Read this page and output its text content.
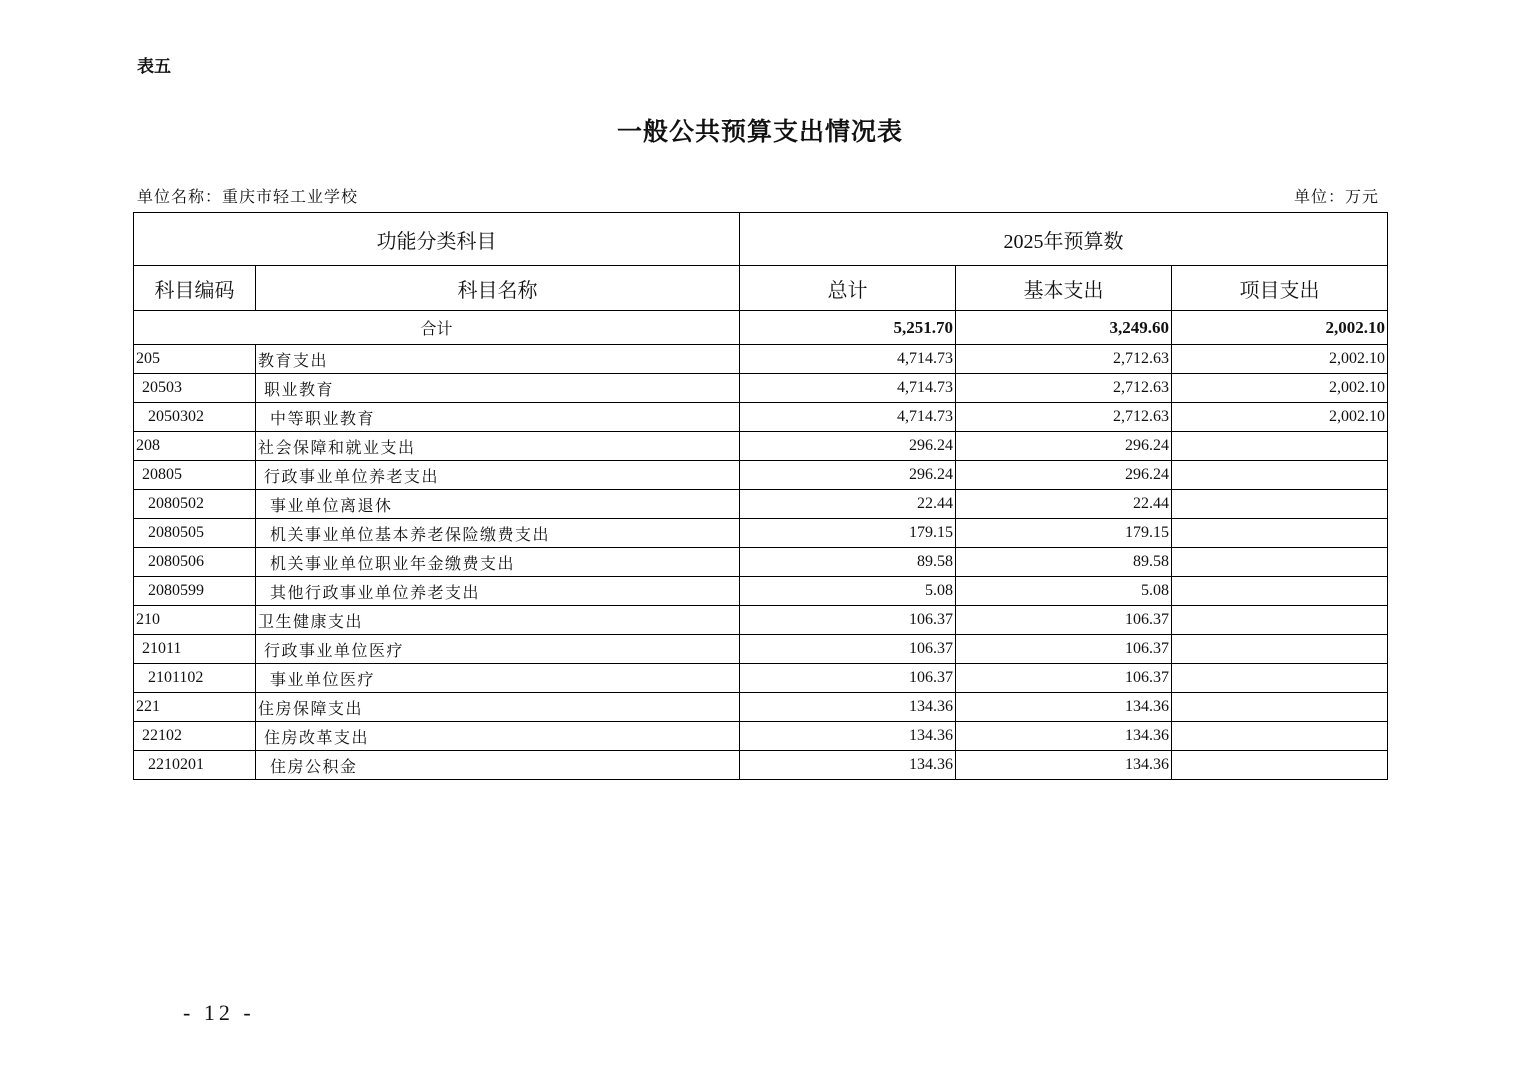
表五
一般公共预算支出情况表
单位名称：重庆市轻工业学校	单位：万元
功能分类科目		2025年预算数		
科目编码	科目名称	总计	基本支出	项目支出
合计		5,251.70	3,249.60	2,002.10
205	教育支出	4,714.73	2,712.63	2,002.10
20503	职业教育	4,714.73	2,712.63	2,002.10
2050302	中等职业教育	4,714.73	2,712.63	2,002.10
208	社会保障和就业支出	296.24	296.24	
20805	行政事业单位养老支出	296.24	296.24	
2080502	事业单位离退休	22.44	22.44	
2080505	机关事业单位基本养老保险缴费支出	179.15	179.15	
2080506	机关事业单位职业年金缴费支出	89.58	89.58	
2080599	其他行政事业单位养老支出	5.08	5.08	
210	卫生健康支出	106.37	106.37	
21011	行政事业单位医疗	106.37	106.37	
2101102	事业单位医疗	106.37	106.37	
221	住房保障支出	134.36	134.36	
22102	住房改革支出	134.36	134.36	
2210201	住房公积金	134.36	134.36	
- 12 -
